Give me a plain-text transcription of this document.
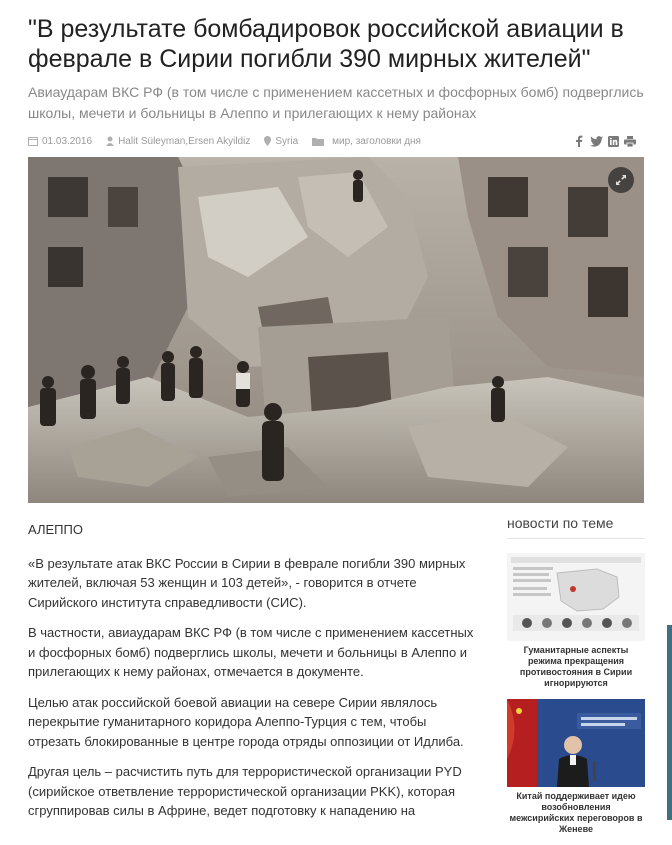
"В результате бомбадировок российской авиации в феврале в Сирии погибли 390 мирных жителей"
Авиаударам ВКС РФ (в том числе с применением кассетных и фосфорных бомб) подверглись школы, мечети и больницы в Алеппо и прилегающих к нему районах
01.03.2016	Halit Süleyman,Ersen Akyildiz	Syria	мир, заголовки дня
АЛЕППО

«В результате атак ВКС России в Сирии в феврале погибли 390 мирных жителей, включая 53 женщин и 103 детей», - говорится в отчете Сирийского института справедливости (СИС).

В частности, авиаударам ВКС РФ (в том числе с применением кассетных и фосфорных бомб) подверглись школы, мечети и больницы в Алеппо и прилегающих к нему районах, отмечается в документе.

Целью атак российской боевой авиации на севере Сирии являлось перекрытие гуманитарного коридора Алеппо-Турция с тем, чтобы отрезать блокированные в центре города отряды оппозиции от Идлиба.

Другая цель – расчистить путь для террористической организации PYD (сирийское ответвление террористической организации PKK), которая сгруппировав силы в Африне, ведет подготовку к нападению на

новости по теме
Гуманитарные аспекты режима прекращения противостояния в Сирии игнорируются
Китай поддерживает идею возобновления межсирийских переговоров в Женеве
